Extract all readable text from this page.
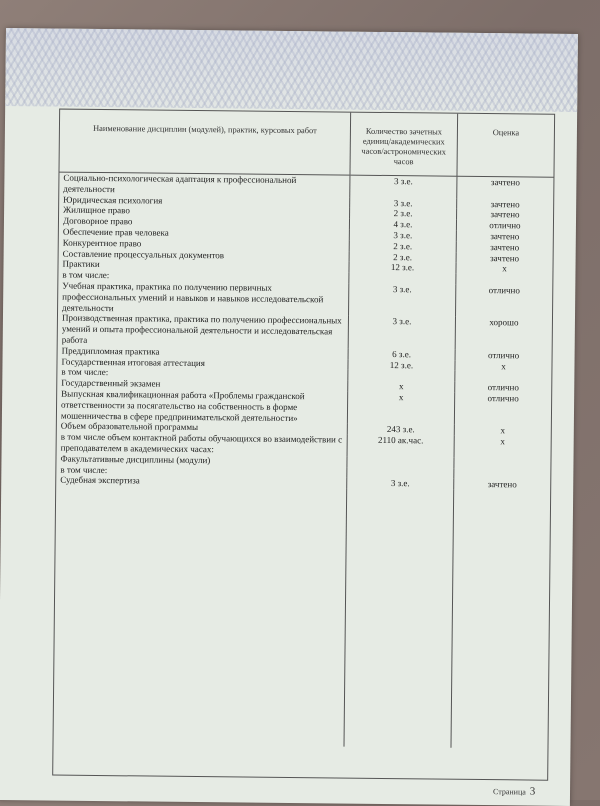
Наименование дисциплин (модулей), практик, курсовых работ	Количество зачетных единиц/академических часов/астрономических часов	Оценка
Социально-психологическая адаптация к профессиональной деятельности	3 з.е.	зачтено
Юридическая психология	3 з.е.	зачтено
Жилищное право	2 з.е.	зачтено
Договорное право	4 з.е.	отлично
Обеспечение прав человека	3 з.е.	зачтено
Конкурентное право	2 з.е.	зачтено
Составление процессуальных документов	2 з.е.	зачтено
Практики	12 з.е.	х
в том числе:		
Учебная практика, практика по получению первичных профессиональных умений и навыков и навыков исследовательской деятельности	3 з.е.	отлично
Производственная практика, практика по получению профессиональных умений и опыта профессиональной деятельности и исследовательская работа	3 з.е.	хорошо
Преддипломная практика	6 з.е.	отлично
Государственная итоговая аттестация	12 з.е.	х
в том числе:		
Государственный экзамен	х	отлично
Выпускная квалификационная работа «Проблемы гражданской ответственности за посягательство на собственность в форме мошенничества в сфере предпринимательской деятельности»	х	отлично
Объем образовательной программы	243 з.е.	х
в том числе объем контактной работы обучающихся во взаимодействии с преподавателем в академических часах:	2110 ак.час.	х
Факультативные дисциплины (модули)		
в том числе:		
Судебная экспертиза	3 з.е.	зачтено

Страница 3
